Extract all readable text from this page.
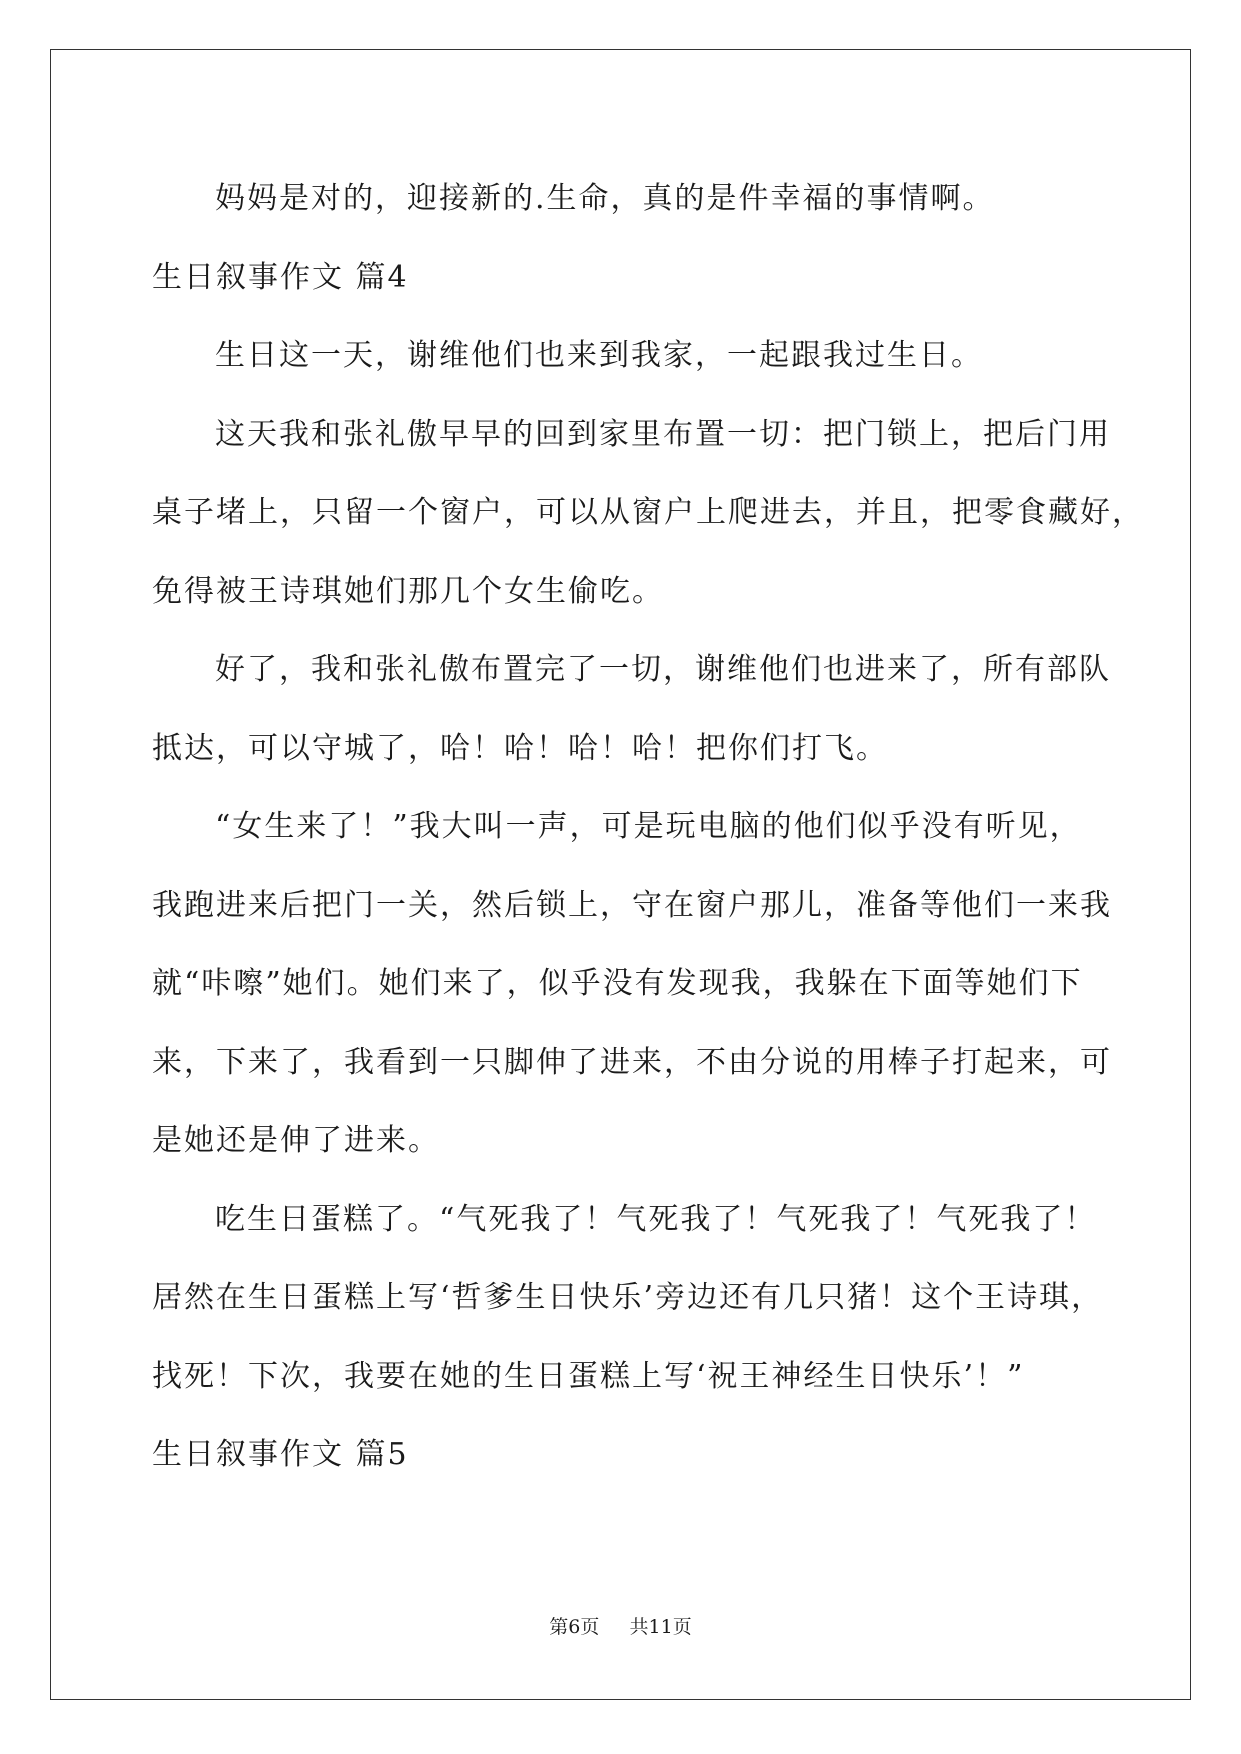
妈妈是对的，迎接新的.生命，真的是件幸福的事情啊。
生日叙事作文 篇4
生日这一天，谢维他们也来到我家，一起跟我过生日。
这天我和张礼傲早早的回到家里布置一切：把门锁上，把后门用
桌子堵上，只留一个窗户，可以从窗户上爬进去，并且，把零食藏好，
免得被王诗琪她们那几个女生偷吃。
好了，我和张礼傲布置完了一切，谢维他们也进来了，所有部队
抵达，可以守城了，哈！哈！哈！哈！把你们打飞。
“女生来了！”我大叫一声，可是玩电脑的他们似乎没有听见，
我跑进来后把门一关，然后锁上，守在窗户那儿，准备等他们一来我
就“咔嚓”她们。她们来了，似乎没有发现我，我躲在下面等她们下
来，下来了，我看到一只脚伸了进来，不由分说的用棒子打起来，可
是她还是伸了进来。
吃生日蛋糕了。“气死我了！气死我了！气死我了！气死我了！
居然在生日蛋糕上写‘哲爹生日快乐’旁边还有几只猪！这个王诗琪，
找死！下次，我要在她的生日蛋糕上写‘祝王神经生日快乐’！”
生日叙事作文 篇5
第6页 共11页
